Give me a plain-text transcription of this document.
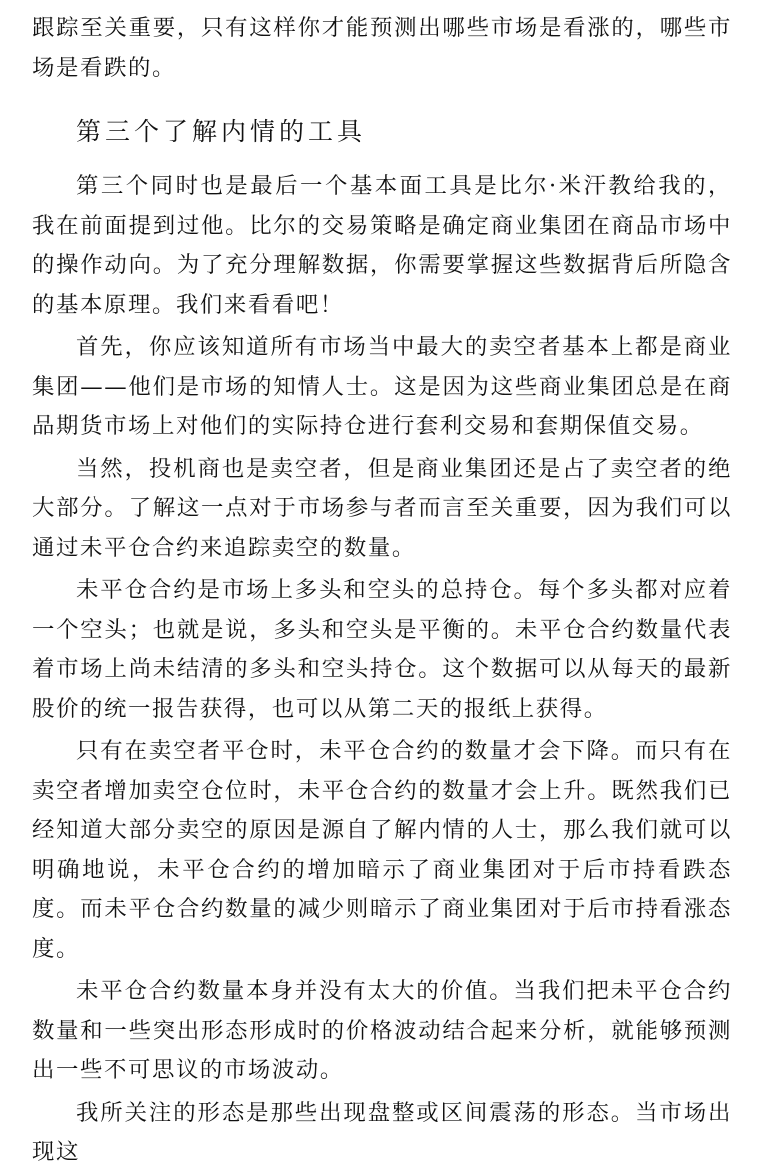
跟踪至关重要，只有这样你才能预测出哪些市场是看涨的，哪些市场是看跌的。

第三个了解内情的工具

第三个同时也是最后一个基本面工具是比尔·米汗教给我的，我在前面提到过他。比尔的交易策略是确定商业集团在商品市场中的操作动向。为了充分理解数据，你需要掌握这些数据背后所隐含的基本原理。我们来看看吧！

首先，你应该知道所有市场当中最大的卖空者基本上都是商业集团——他们是市场的知情人士。这是因为这些商业集团总是在商品期货市场上对他们的实际持仓进行套利交易和套期保值交易。

当然，投机商也是卖空者，但是商业集团还是占了卖空者的绝大部分。了解这一点对于市场参与者而言至关重要，因为我们可以通过未平仓合约来追踪卖空的数量。

未平仓合约是市场上多头和空头的总持仓。每个多头都对应着一个空头；也就是说，多头和空头是平衡的。未平仓合约数量代表着市场上尚未结清的多头和空头持仓。这个数据可以从每天的最新股价的统一报告获得，也可以从第二天的报纸上获得。

只有在卖空者平仓时，未平仓合约的数量才会下降。而只有在卖空者增加卖空仓位时，未平仓合约的数量才会上升。既然我们已经知道大部分卖空的原因是源自了解内情的人士，那么我们就可以明确地说，未平仓合约的增加暗示了商业集团对于后市持看跌态度。而未平仓合约数量的减少则暗示了商业集团对于后市持看涨态度。

未平仓合约数量本身并没有太大的价值。当我们把未平仓合约数量和一些突出形态形成时的价格波动结合起来分析，就能够预测出一些不可思议的市场波动。

我所关注的形态是那些出现盘整或区间震荡的形态。当市场出现这
